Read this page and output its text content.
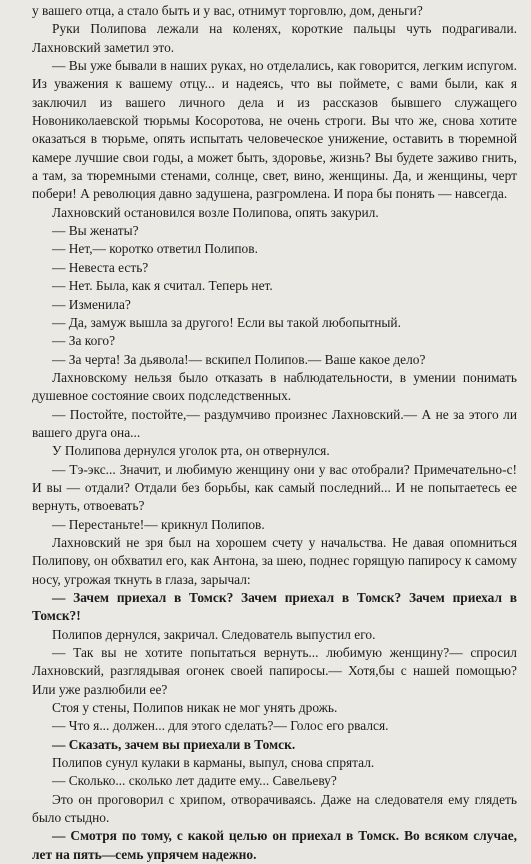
у вашего отца, а стало быть и у вас, отнимут торговлю, дом, деньги?

Руки Полипова лежали на коленях, короткие пальцы чуть подрагивали. Лахновский заметил это.

— Вы уже бывали в наших руках, но отделались, как говорится, легким испугом. Из уважения к вашему отцу... и надеясь, что вы поймете, с вами были, как я заключил из вашего личного дела и из рассказов бывшего служащего Новониколаевской тюрьмы Косоротова, не очень строги. Вы что же, снова хотите оказаться в тюрьме, опять испытать человеческое унижение, оставить в тюремной камере лучшие свои годы, а может быть, здоровье, жизнь? Вы будете заживо гнить, а там, за тюремными стенами, солнце, свет, вино, женщины. Да, и женщины, черт побери! А революция давно задушена, разгромлена. И пора бы понять — навсегда.

Лахновский остановился возле Полипова, опять закурил.

— Вы женаты?

— Нет,— коротко ответил Полипов.

— Невеста есть?

— Нет. Была, как я считал. Теперь нет.

— Изменила?

— Да, замуж вышла за другого! Если вы такой любопытный.

— За кого?

— За черта! За дьявола!— вскипел Полипов.— Ваше какое дело?

Лахновскому нельзя было отказать в наблюдательности, в умении понимать душевное состояние своих подследственных.

— Постойте, постойте,— раздумчиво произнес Лахновский.— А не за этого ли вашего друга она...

У Полипова дернулся уголок рта, он отвернулся.

— Тэ-экс... Значит, и любимую женщину они у вас отобрали? Примечательно-с! И вы — отдали? Отдали без борьбы, как самый последний... И не попытаетесь ее вернуть, отвоевать?

— Перестаньте!— крикнул Полипов.

Лахновский не зря был на хорошем счету у начальства. Не давая опомниться Полипову, он обхватил его, как Антона, за шею, поднес горящую папиросу к самому носу, угрожая ткнуть в глаза, зарычал:

— Зачем приехал в Томск? Зачем приехал в Томск? Зачем приехал в Томск?!

Полипов дернулся, закричал. Следователь выпустил его.

— Так вы не хотите попытаться вернуть... любимую женщину?— спросил Лахновский, разглядывая огонек своей папиросы.— Хотя,бы с нашей помощью? Или уже разлюбили ее?

Стоя у стены, Полипов никак не мог унять дрожь.

— Что я... должен... для этого сделать?— Голос его рвался.

— Сказать, зачем вы приехали в Томск.

Полипов сунул кулаки в карманы, выпул, снова спрятал.

— Сколько... сколько лет дадите ему... Савельеву?

Это он проговорил с хрипом, отворачиваясь. Даже на следователя ему глядеть было стыдно.

— Смотря по тому, с какой целью он приехал в Томск. Во всяком случае, лет на пять—семь упрячем надежно.
